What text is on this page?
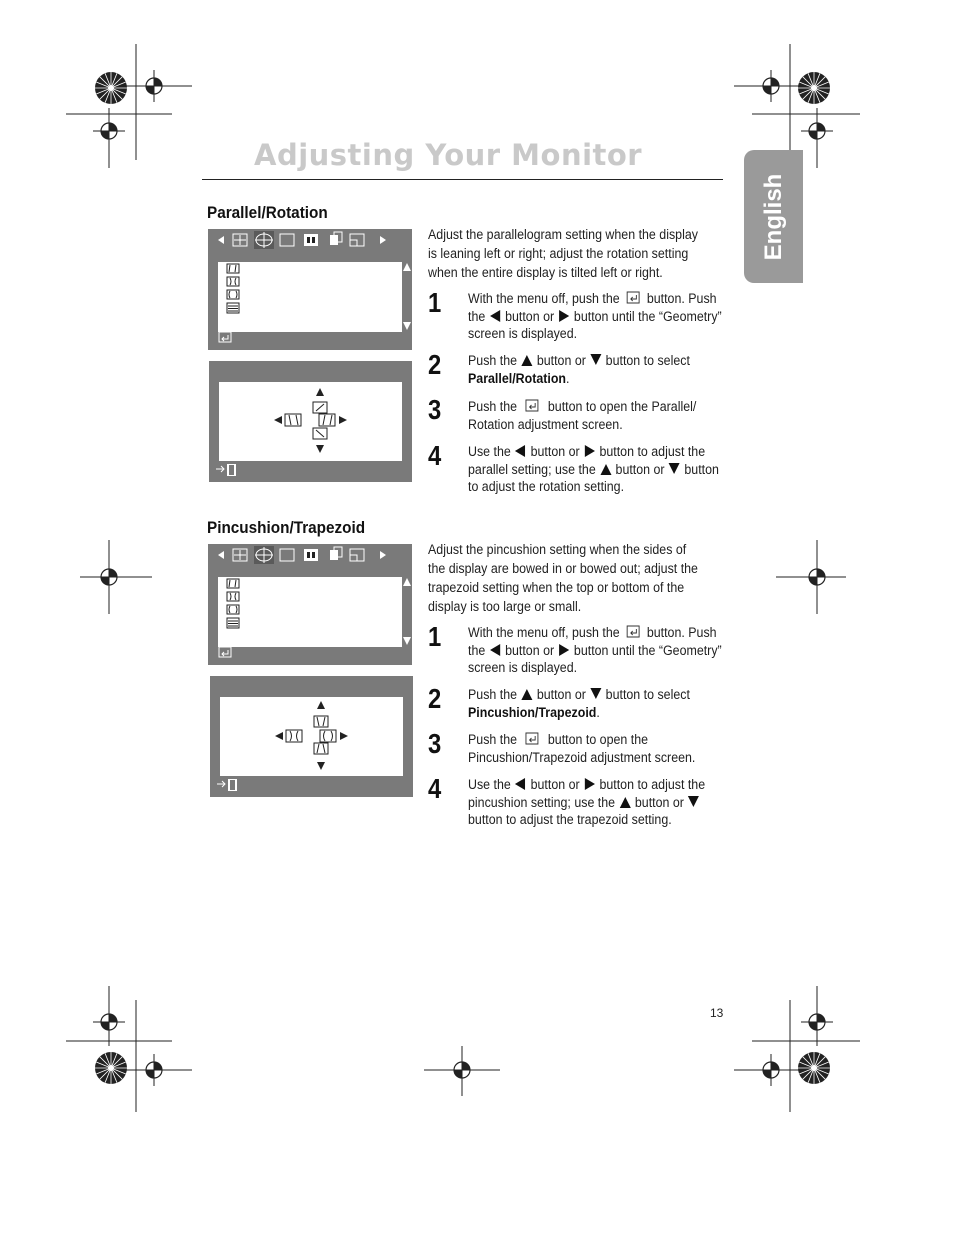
Adjusting Your Monitor
English
Parallel/Rotation
Adjust the parallelogram setting when the display is leaning left or right; adjust the rotation setting when the entire display is tilted left or right.
1 With the menu off, push the button. Push the button or button until the “Geometry” screen is displayed.
2 Push the button or button to select Parallel/Rotation.
3 Push the button to open the Parallel/ Rotation adjustment screen.
4 Use the button or button to adjust the parallel setting; use the button or button to adjust the rotation setting.
Pincushion/Trapezoid
Adjust the pincushion setting when the sides of the display are bowed in or bowed out; adjust the trapezoid setting when the top or bottom of the display is too large or small.
1 With the menu off, push the button. Push the button or button until the “Geometry” screen is displayed.
2 Push the button or button to select Pincushion/Trapezoid.
3 Push the button to open the Pincushion/Trapezoid adjustment screen.
4 Use the button or button to adjust the pincushion setting; use the button or  button to adjust the trapezoid setting.
13
